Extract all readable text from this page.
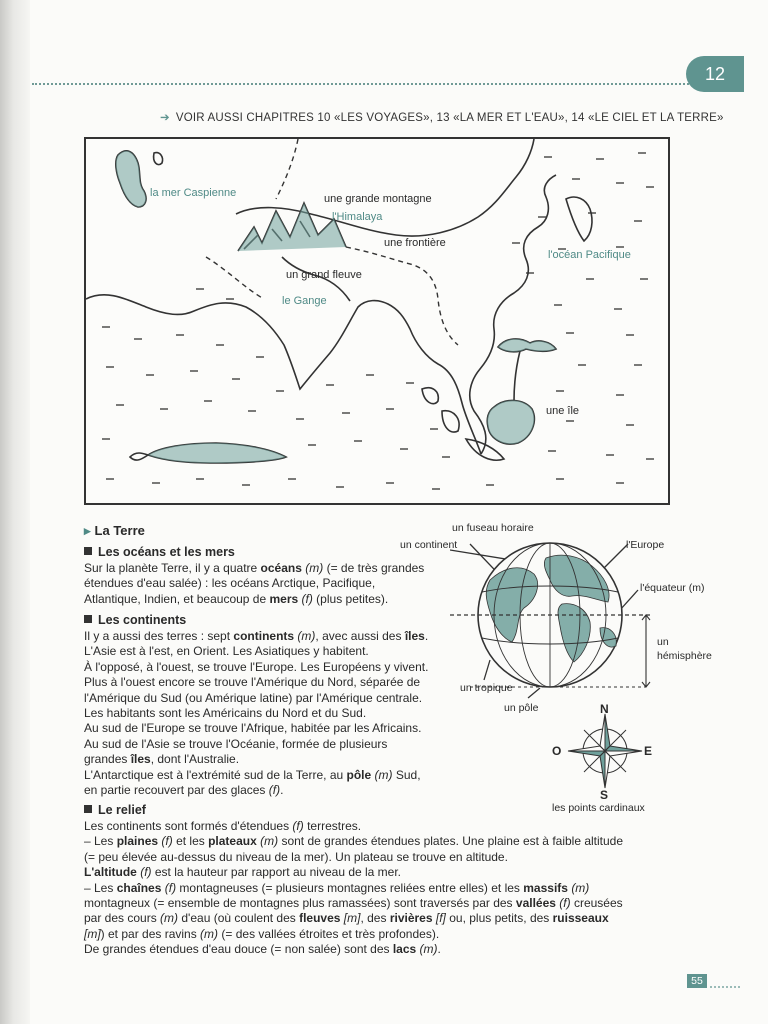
12
➔ VOIR AUSSI CHAPITRES 10 «LES VOYAGES», 13 «LA MER ET L'EAU», 14 «LE CIEL ET LA TERRE»
la mer Caspienne	une grande montagne
l'Himalaya
une frontière
l'océan Pacifique
un grand fleuve
le Gange
une île
▸ La Terre
Les océans et les mers
Sur la planète Terre, il y a quatre océans (m) (= de très grandes
étendues d'eau salée) : les océans Arctique, Pacifique,
Atlantique, Indien, et beaucoup de mers (f) (plus petites).
Les continents
Il y a aussi des terres : sept continents (m), avec aussi des îles.
L'Asie est à l'est, en Orient. Les Asiatiques y habitent.
À l'opposé, à l'ouest, se trouve l'Europe. Les Européens y vivent.
Plus à l'ouest encore se trouve l'Amérique du Nord, séparée de
l'Amérique du Sud (ou Amérique latine) par l'Amérique centrale.
Les habitants sont les Américains du Nord et du Sud.
Au sud de l'Europe se trouve l'Afrique, habitée par les Africains.
Au sud de l'Asie se trouve l'Océanie, formée de plusieurs
grandes îles, dont l'Australie.
L'Antarctique est à l'extrémité sud de la Terre, au pôle (m) Sud,
en partie recouvert par des glaces (f).
un fuseau horaire
un continent	l'Europe
l'équateur (m)
un
hémisphère
un tropique
un pôle	N
S
E
O
les points cardinaux
Le relief
Les continents sont formés d'étendues (f) terrestres.
– Les plaines (f) et les plateaux (m) sont de grandes étendues plates. Une plaine est à faible altitude
(= peu élevée au-dessus du niveau de la mer). Un plateau se trouve en altitude.
L'altitude (f) est la hauteur par rapport au niveau de la mer.
– Les chaînes (f) montagneuses (= plusieurs montagnes reliées entre elles) et les massifs (m)
montagneux (= ensemble de montagnes plus ramassées) sont traversés par des vallées (f) creusées
par des cours (m) d'eau (où coulent des fleuves [m], des rivières [f] ou, plus petits, des ruisseaux
[m]) et par des ravins (m) (= des vallées étroites et très profondes).
De grandes étendues d'eau douce (= non salée) sont des lacs (m).
55
